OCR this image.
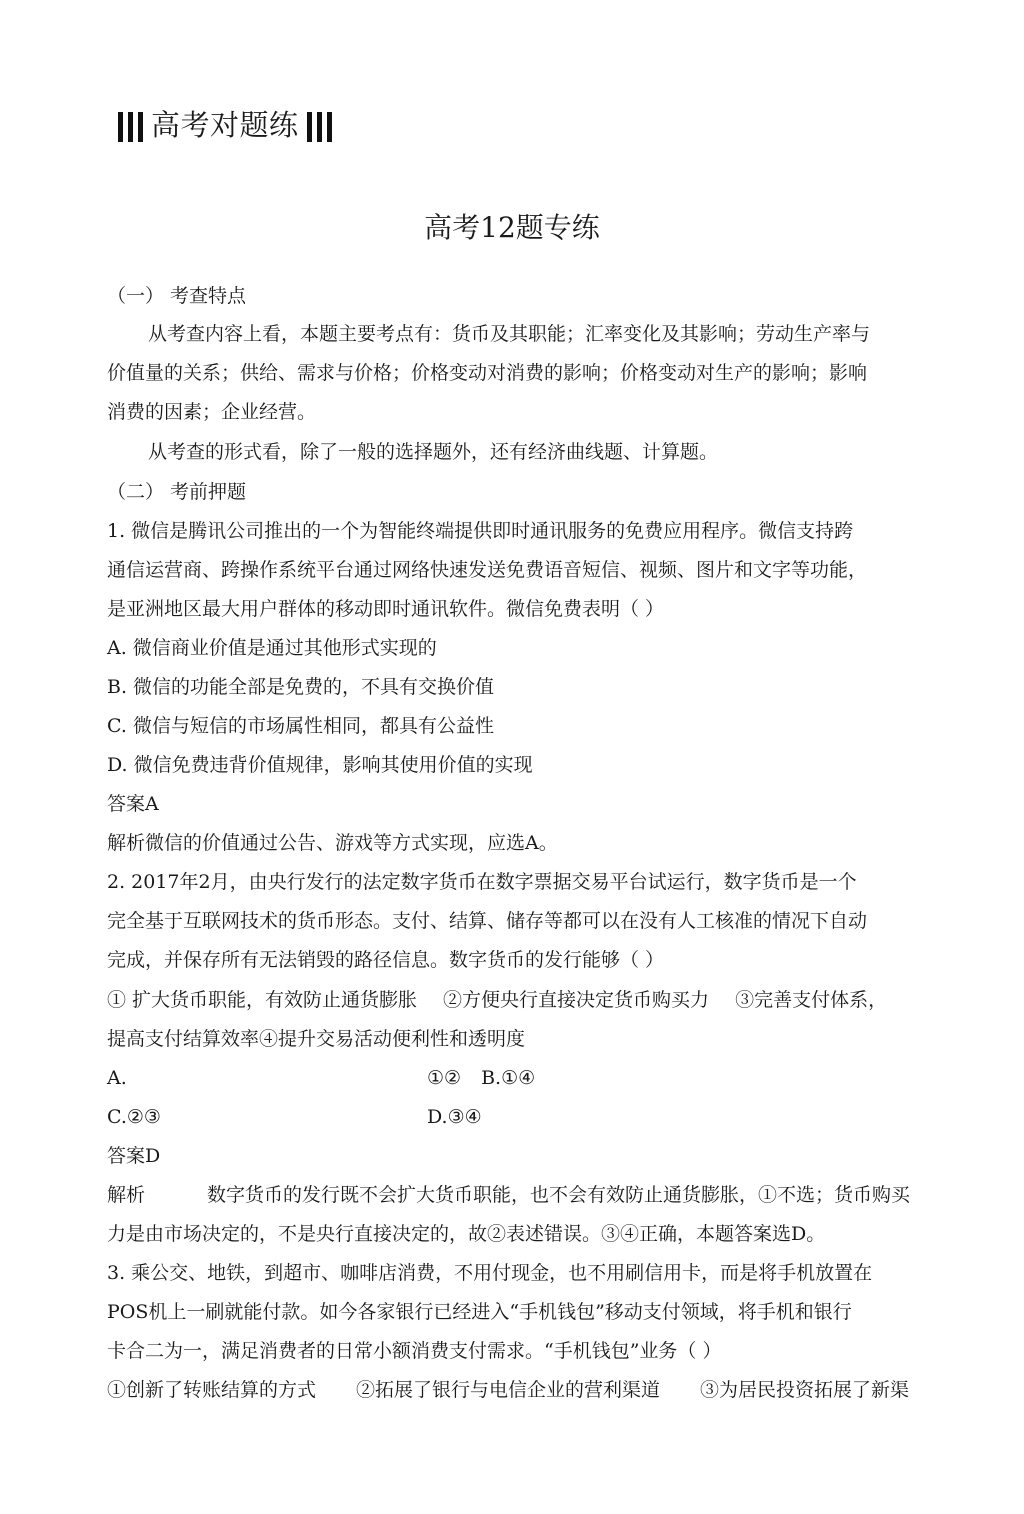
高考对题练
高考12题专练
（一） 考查特点
从考查内容上看，本题主要考点有：货币及其职能；汇率变化及其影响；劳动生产率与
价值量的关系；供给、需求与价格；价格变动对消费的影响；价格变动对生产的影响；影响
消费的因素；企业经营。
从考查的形式看，除了一般的选择题外，还有经济曲线题、计算题。
（二） 考前押题
1. 微信是腾讯公司推出的一个为智能终端提供即时通讯服务的免费应用程序。微信支持跨
通信运营商、跨操作系统平台通过网络快速发送免费语音短信、视频、图片和文字等功能，
是亚洲地区最大用户群体的移动即时通讯软件。微信免费表明（ ）
A. 微信商业价值是通过其他形式实现的
B. 微信的功能全部是免费的，不具有交换价值
C. 微信与短信的市场属性相同，都具有公益性
D. 微信免费违背价值规律，影响其使用价值的实现
答案A
解析微信的价值通过公告、游戏等方式实现，应选A。
2. 2017年2月，由央行发行的法定数字货币在数字票据交易平台试运行，数字货币是一个
完全基于互联网技术的货币形态。支付、结算、储存等都可以在没有人工核准的情况下自动
完成，并保存所有无法销毁的路径信息。数字货币的发行能够（ ）
① 扩大货币职能，有效防止通货膨胀 ②方便央行直接决定货币购买力 ③完善支付体系，
提高支付结算效率④提升交易活动便利性和透明度
A.	①② B.①④
C.②③	D.③④
答案D
解析	数字货币的发行既不会扩大货币职能，也不会有效防止通货膨胀，①不选；货币购买
力是由市场决定的，不是央行直接决定的，故②表述错误。③④正确，本题答案选D。
3. 乘公交、地铁，到超市、咖啡店消费，不用付现金，也不用刷信用卡，而是将手机放置在
POS机上一刷就能付款。如今各家银行已经进入“手机钱包”移动支付领域，将手机和银行
卡合二为一，满足消费者的日常小额消费支付需求。“手机钱包”业务（ ）
①创新了转账结算的方式 ②拓展了银行与电信企业的营利渠道 ③为居民投资拓展了新渠
